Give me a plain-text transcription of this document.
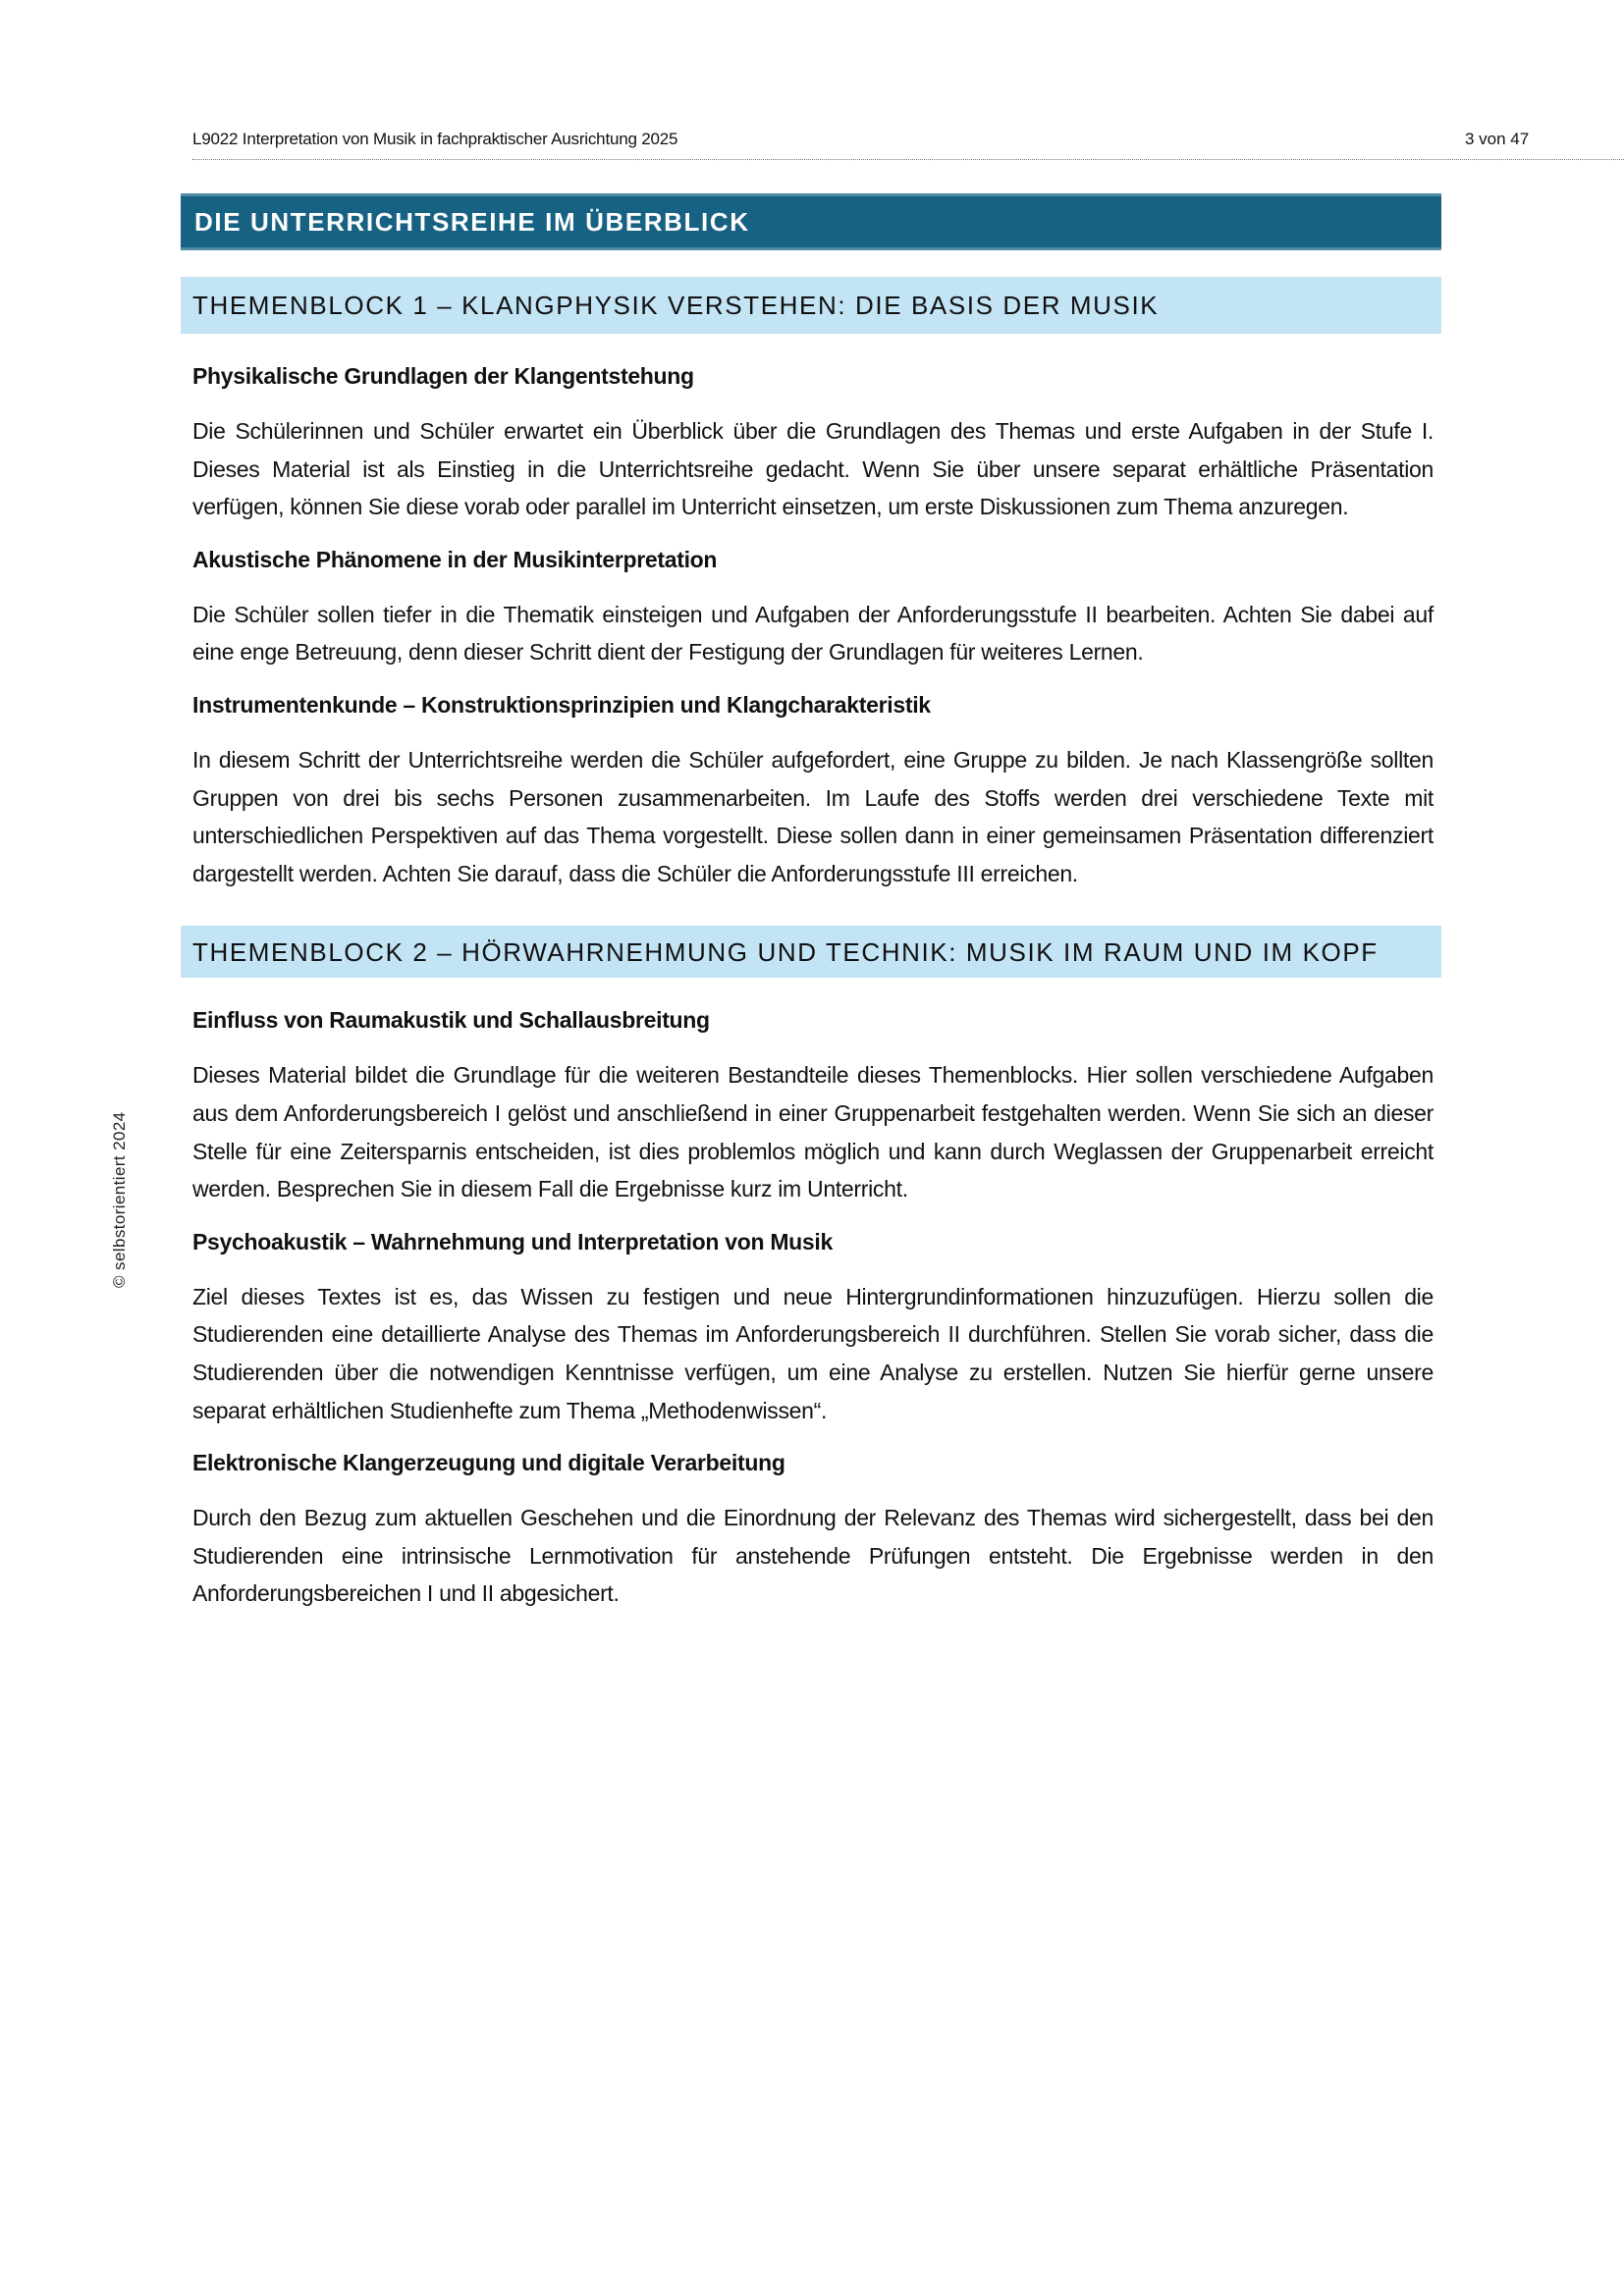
L9022 Interpretation von Musik in fachpraktischer Ausrichtung 2025	3 von 47
© selbstorientiert 2024
DIE UNTERRICHTSREIHE IM ÜBERBLICK
THEMENBLOCK 1 – KLANGPHYSIK VERSTEHEN: DIE BASIS DER MUSIK
Physikalische Grundlagen der Klangentstehung

Die Schülerinnen und Schüler erwartet ein Überblick über die Grundlagen des Themas und erste Aufgaben in der Stufe I. Dieses Material ist als Einstieg in die Unterrichtsreihe gedacht. Wenn Sie über unsere separat erhältliche Präsentation verfügen, können Sie diese vorab oder parallel im Unterricht einsetzen, um erste Diskussionen zum Thema anzuregen.

Akustische Phänomene in der Musikinterpretation

Die Schüler sollen tiefer in die Thematik einsteigen und Aufgaben der Anforderungsstufe II bearbeiten. Achten Sie dabei auf eine enge Betreuung, denn dieser Schritt dient der Festigung der Grundlagen für weiteres Lernen.

Instrumentenkunde – Konstruktionsprinzipien und Klangcharakteristik

In diesem Schritt der Unterrichtsreihe werden die Schüler aufgefordert, eine Gruppe zu bilden. Je nach Klassengröße sollten Gruppen von drei bis sechs Personen zusammenarbeiten. Im Laufe des Stoffs werden drei verschiedene Texte mit unterschiedlichen Perspektiven auf das Thema vorgestellt. Diese sollen dann in einer gemeinsamen Präsentation differenziert dargestellt werden. Achten Sie darauf, dass die Schüler die Anforderungsstufe III erreichen.

THEMENBLOCK 2 – HÖRWAHRNEHMUNG UND TECHNIK: MUSIK IM RAUM UND IM KOPF
Einfluss von Raumakustik und Schallausbreitung

Dieses Material bildet die Grundlage für die weiteren Bestandteile dieses Themenblocks. Hier sollen verschiedene Aufgaben aus dem Anforderungsbereich I gelöst und anschließend in einer Gruppenarbeit festgehalten werden. Wenn Sie sich an dieser Stelle für eine Zeitersparnis entscheiden, ist dies problemlos möglich und kann durch Weglassen der Gruppenarbeit erreicht werden. Besprechen Sie in diesem Fall die Ergebnisse kurz im Unterricht.

Psychoakustik – Wahrnehmung und Interpretation von Musik

Ziel dieses Textes ist es, das Wissen zu festigen und neue Hintergrundinformationen hinzuzufügen. Hierzu sollen die Studierenden eine detaillierte Analyse des Themas im Anforderungsbereich II durchführen. Stellen Sie vorab sicher, dass die Studierenden über die notwendigen Kenntnisse verfügen, um eine Analyse zu erstellen. Nutzen Sie hierfür gerne unsere separat erhältlichen Studienhefte zum Thema „Methodenwissen“.

Elektronische Klangerzeugung und digitale Verarbeitung

Durch den Bezug zum aktuellen Geschehen und die Einordnung der Relevanz des Themas wird sichergestellt, dass bei den Studierenden eine intrinsische Lernmotivation für anstehende Prüfungen entsteht. Die Ergebnisse werden in den Anforderungsbereichen I und II abgesichert.
